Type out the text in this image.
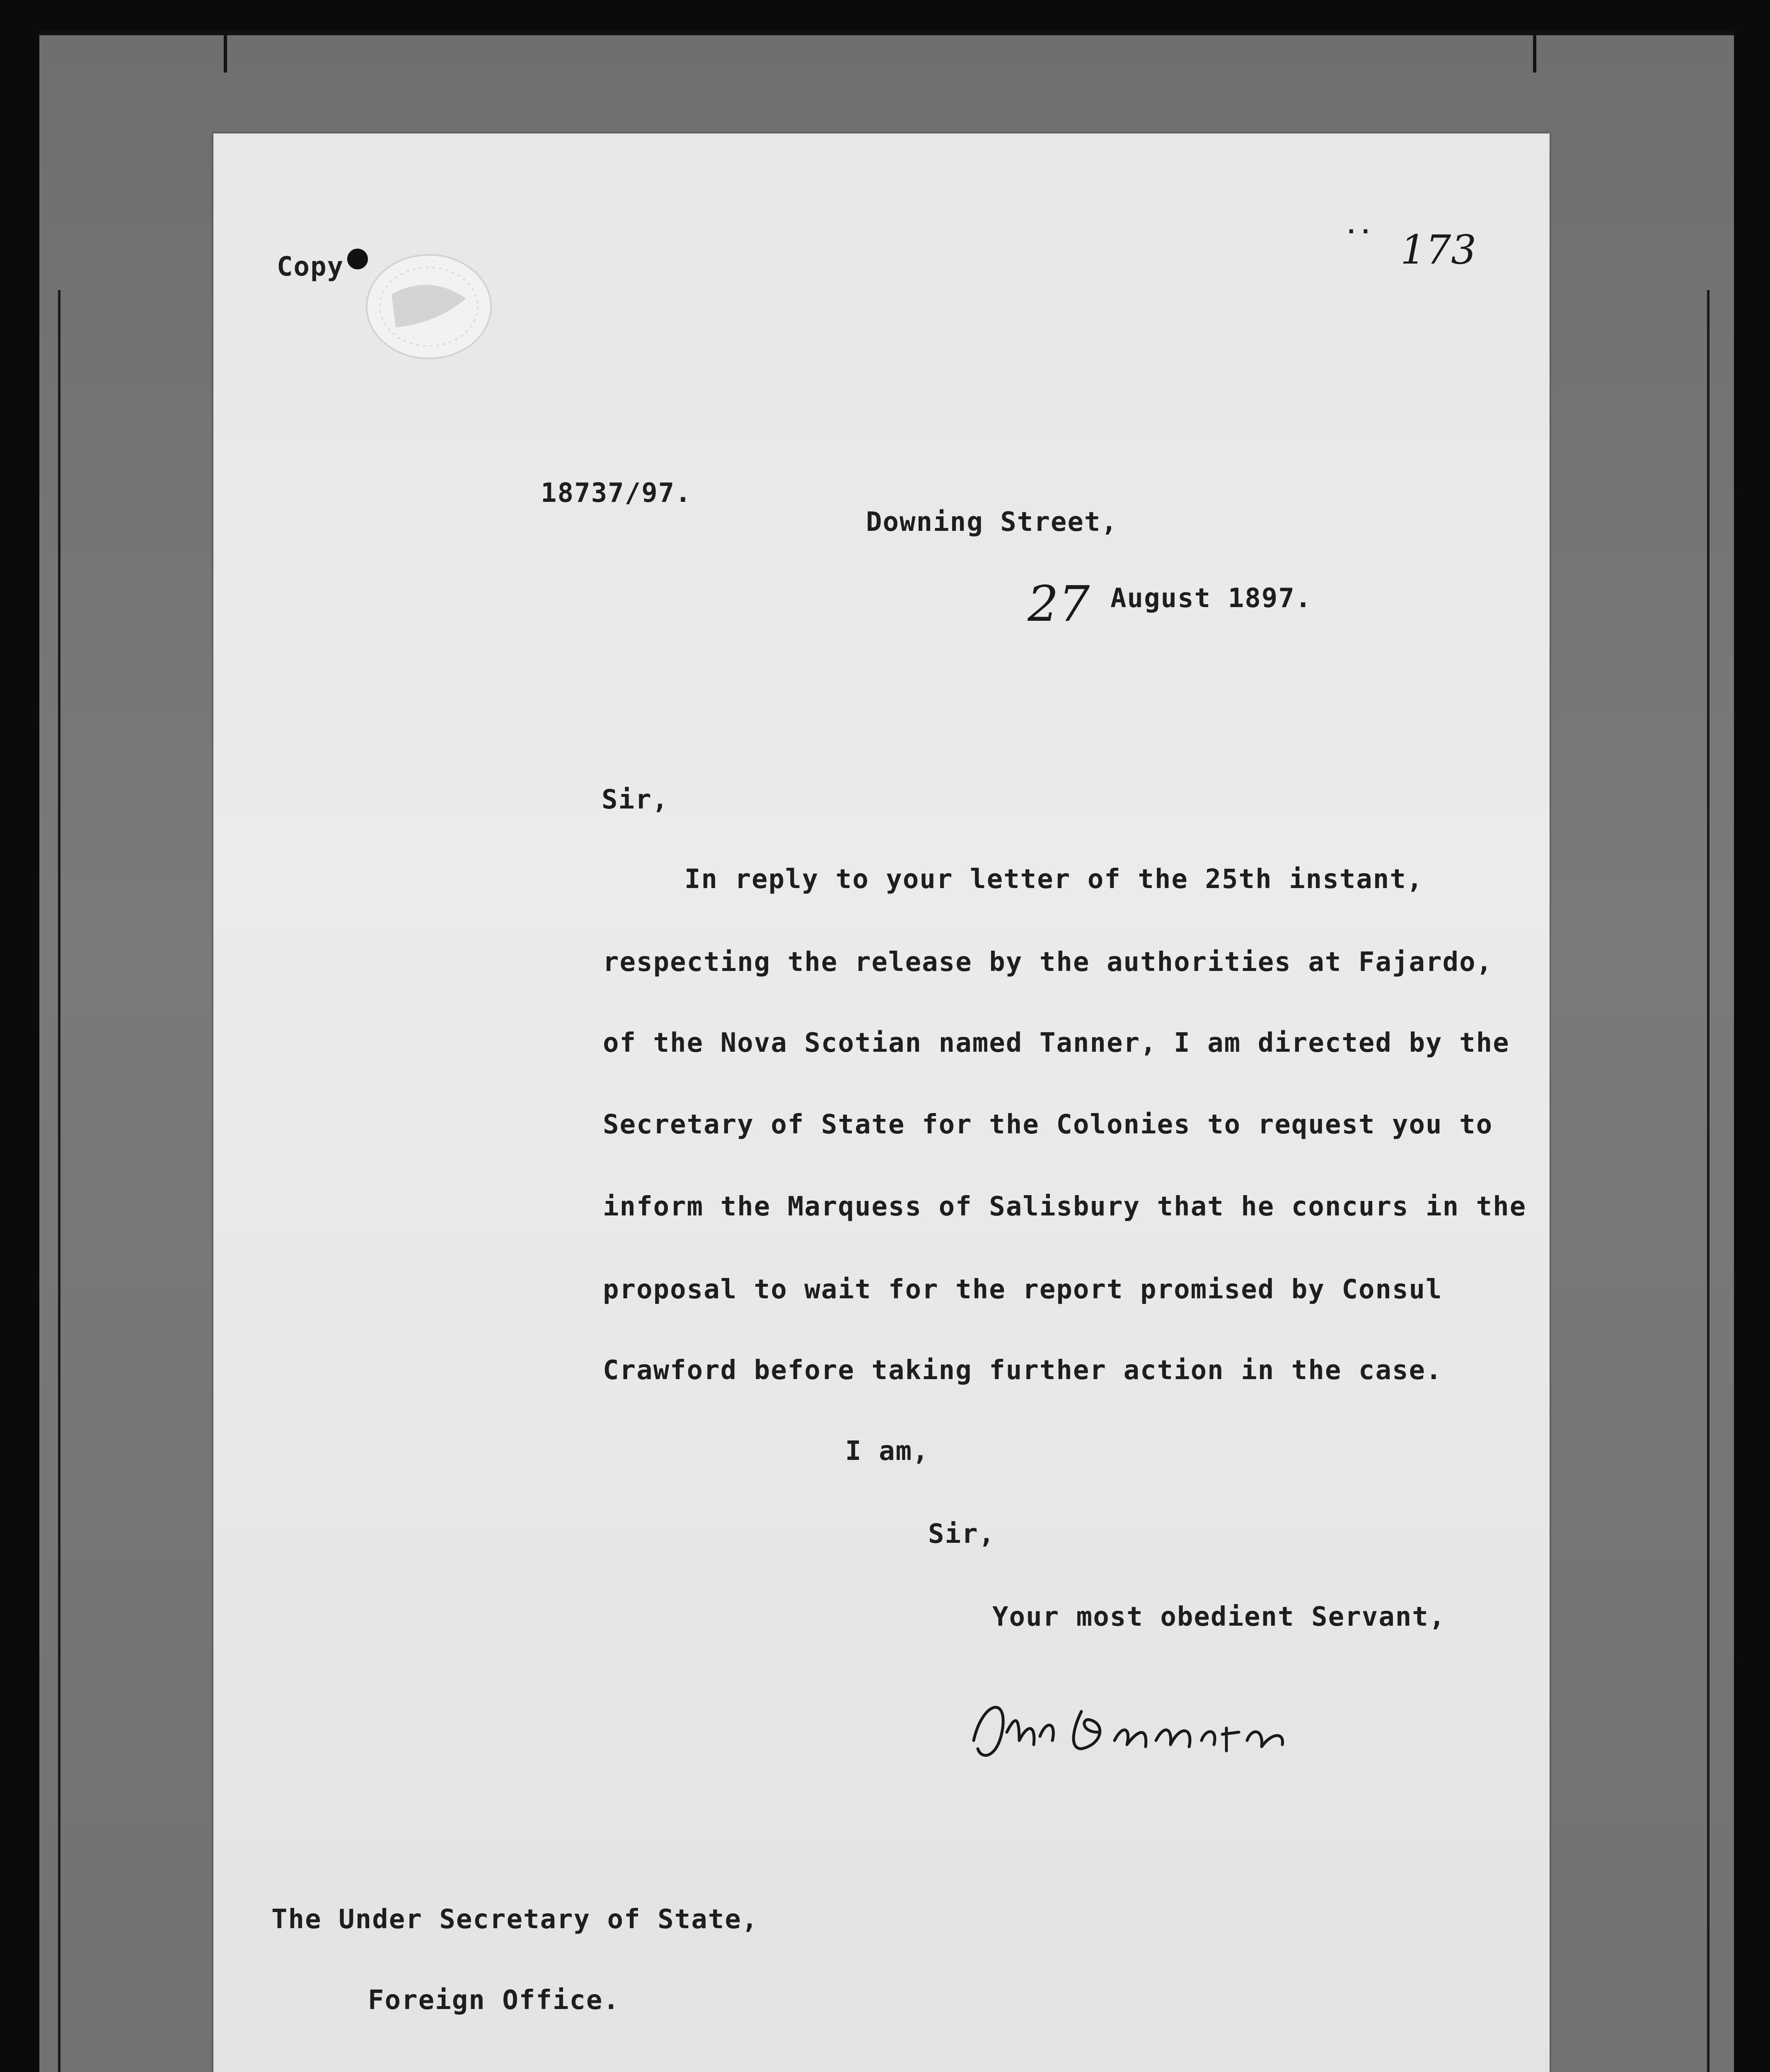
Copy
..
173
18737/97.
Downing Street,
27 August 1897.
Sir,
In reply to your letter of the 25th instant,
respecting the release by the authorities at Fajardo,
of the Nova Scotian named Tanner, I am directed by the
Secretary of State for the Colonies to request you to
inform the Marquess of Salisbury that he concurs in the
proposal to wait for the report promised by Consul
Crawford before taking further action in the case.
I am,
Sir,
Your most obedient Servant,
The Under Secretary of State,
Foreign Office.
